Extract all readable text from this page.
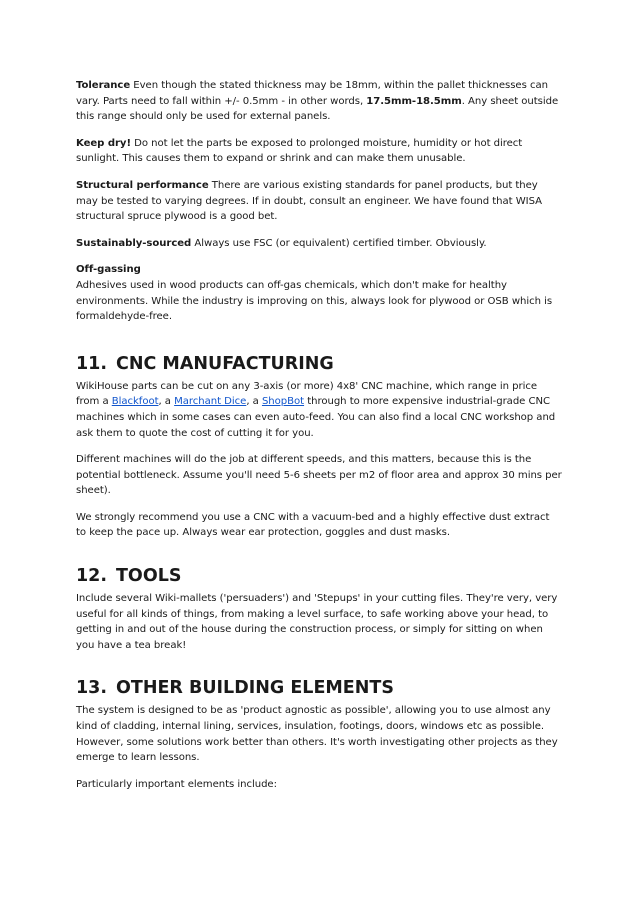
Tolerance Even though the stated thickness may be 18mm, within the pallet thicknesses can vary. Parts need to fall within +/- 0.5mm - in other words, 17.5mm-18.5mm. Any sheet outside this range should only be used for external panels.

Keep dry! Do not let the parts be exposed to prolonged moisture, humidity or hot direct sunlight. This causes them to expand or shrink and can make them unusable.

Structural performance There are various existing standards for panel products, but they may be tested to varying degrees. If in doubt, consult an engineer. We have found that WISA structural spruce plywood is a good bet.

Sustainably-sourced Always use FSC (or equivalent) certified timber. Obviously.

Off-gassing
Adhesives used in wood products can off-gas chemicals, which don't make for healthy environments. While the industry is improving on this, always look for plywood or OSB which is formaldehyde-free.

11. CNC MANUFACTURING

WikiHouse parts can be cut on any 3-axis (or more) 4x8' CNC machine, which range in price from a Blackfoot, a Marchant Dice, a ShopBot through to more expensive industrial-grade CNC machines which in some cases can even auto-feed. You can also find a local CNC workshop and ask them to quote the cost of cutting it for you.

Different machines will do the job at different speeds, and this matters, because this is the potential bottleneck. Assume you'll need 5-6 sheets per m2 of floor area and approx 30 mins per sheet).

We strongly recommend you use a CNC with a vacuum-bed and a highly effective dust extract to keep the pace up. Always wear ear protection, goggles and dust masks.

12. TOOLS

Include several Wiki-mallets ('persuaders') and 'Stepups' in your cutting files. They're very, very useful for all kinds of things, from making a level surface, to safe working above your head, to getting in and out of the house during the construction process, or simply for sitting on when you have a tea break!

13. OTHER BUILDING ELEMENTS

The system is designed to be as 'product agnostic as possible', allowing you to use almost any kind of cladding, internal lining, services, insulation, footings, doors, windows etc as possible. However, some solutions work better than others. It's worth investigating other projects as they emerge to learn lessons.

Particularly important elements include:
